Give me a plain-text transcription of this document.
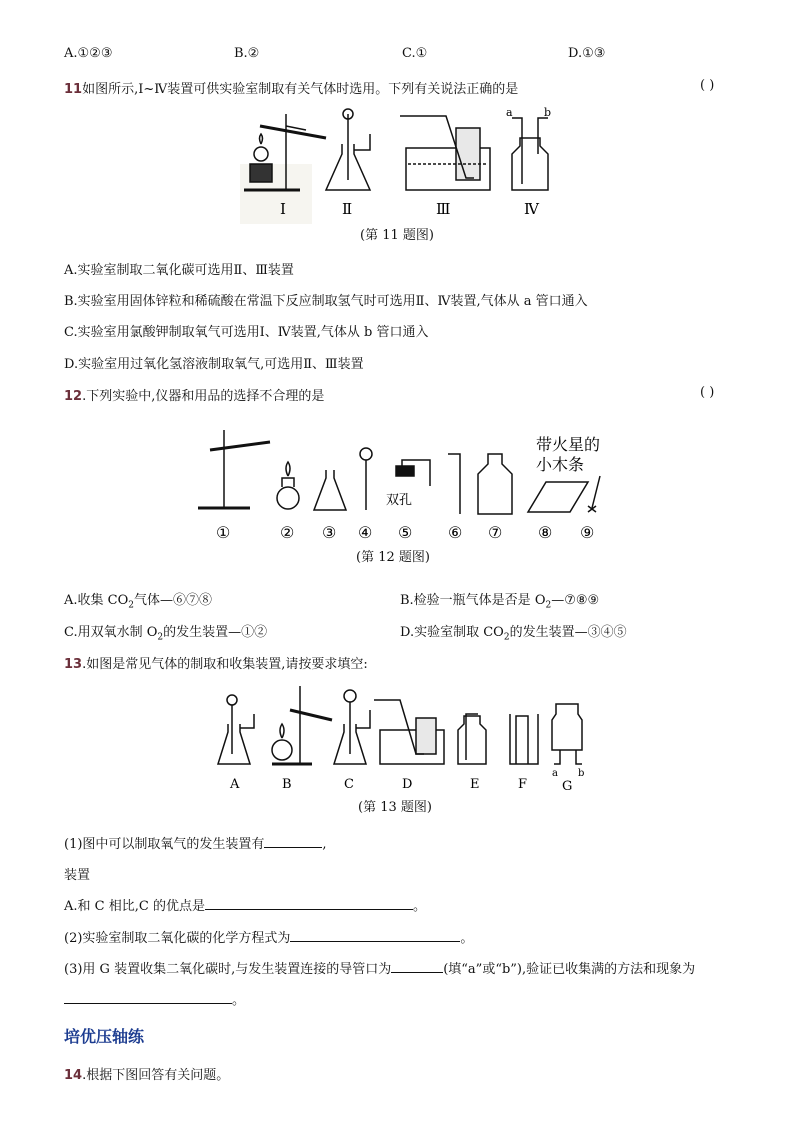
A.①②③	B.②	C.①	D.①③
11如图所示,Ⅰ~Ⅳ装置可供实验室制取有关气体时选用。下列有关说法正确的是	( )
Ⅰ	Ⅱ	Ⅲ
a	b
Ⅳ
(第 11 题图)
A.实验室制取二氧化碳可选用Ⅱ、Ⅲ装置
B.实验室用固体锌粒和稀硫酸在常温下反应制取氢气时可选用Ⅱ、Ⅳ装置,气体从 a 管口通入
C.实验室用氯酸钾制取氧气可选用Ⅰ、Ⅳ装置,气体从 b 管口通入
D.实验室用过氧化氢溶液制取氧气,可选用Ⅱ、Ⅲ装置
12.下列实验中,仪器和用品的选择不合理的是	( )
双孔
带火星的
小木条
①	② ③ ④ ⑤ ⑥ ⑦ ⑧ ⑨
(第 12 题图)
A.收集 $CO_2$气体—⑥⑦⑧	B.检验一瓶气体是否是 $O_2—⑦⑧⑨$
C.用双氧水制 $O_2$的发生装置—①②	D.实验室制取 $CO_2$的发生装置—③④⑤
13.如图是常见气体的制取和收集装置,请按要求填空:
A	B	C	D	E	F	G
a b
(第 13 题图)
(1)图中可以制取氧气的发生装置有	,
装置
A.和 C 相比,C 的优点是	。
(2)实验室制取二氧化碳的化学方程式为	。
(3)用 G 装置收集二氧化碳时,与发生装置连接的导管口为	(填“a”或“b”),验证已收集满的方法和现象为
。
培优压轴练
14.根据下图回答有关问题。
